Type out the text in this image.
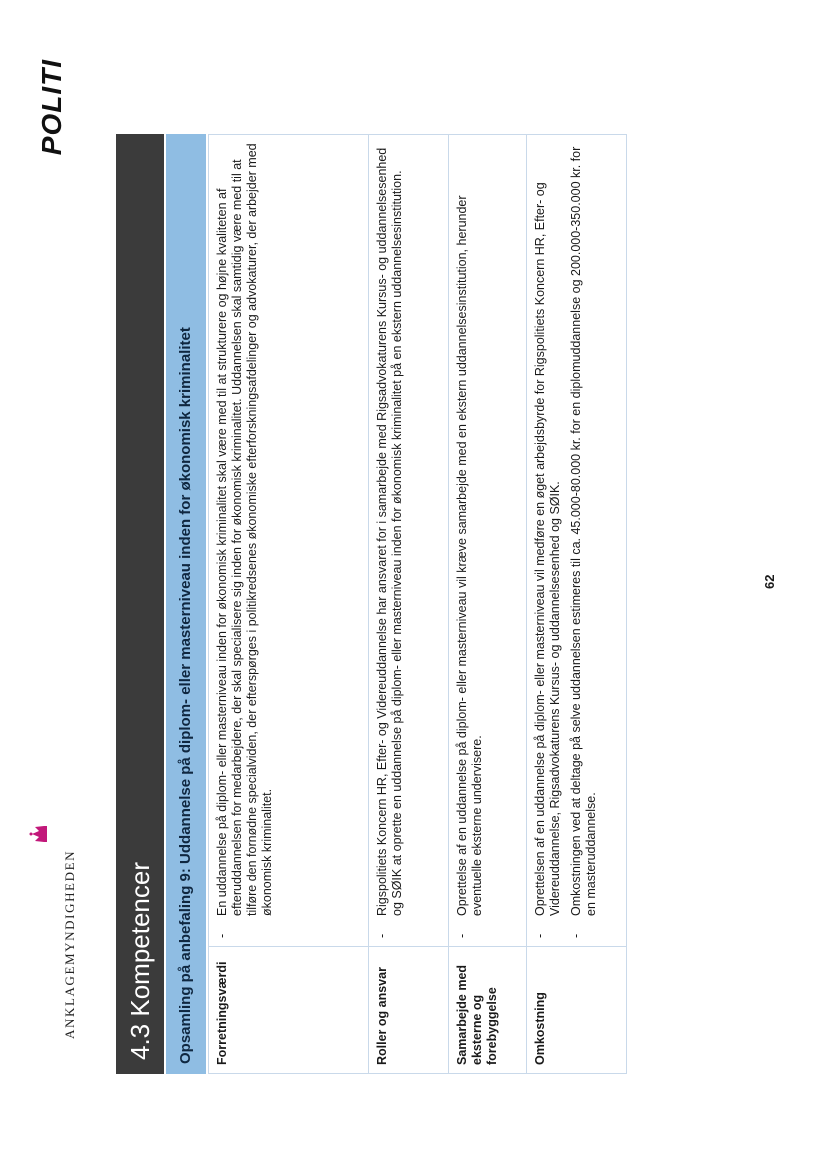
ANKLAGEMYNDIGHEDEN
POLITI
4.3 Kompetencer	Opsamling på anbefaling 9: Uddannelse på diplom- eller masterniveau inden for økonomisk kriminalitet	Forretningsværdi	-
En uddannelse på diplom- eller masterniveau inden for økonomisk kriminalitet skal være med til at strukturere og højne kvaliteten af efteruddannelsen for medarbejdere, der skal specialisere sig inden for økonomisk kriminalitet. Uddannelsen skal samtidig være med til at tilføre den fornødne specialviden, der efterspørges i politikredsenes økonomiske efterforskningsafdelinger og advokaturer, der arbejder med økonomisk kriminalitet.

Roller og ansvar	-
Rigspolitiets Koncern HR, Efter- og Videreuddannelse har ansvaret for i samarbejde med Rigsadvokaturens Kursus- og uddannelsesenhed og SØIK at oprette en uddannelse på diplom- eller masterniveau inden for økonomisk kriminalitet på en ekstern uddannelsesinstitution.

Samarbejde med eksterne og forebyggelse	-
Oprettelse af en uddannelse på diplom- eller masterniveau vil kræve samarbejde med en ekstern uddannelsesinstitution, herunder eventuelle eksterne undervisere.

Omkostning	-
Oprettelsen af en uddannelse på diplom- eller masterniveau vil medføre en øget arbejdsbyrde for Rigspolitiets Koncern HR, Efter- og Videreuddannelse, Rigsadvokaturens Kursus- og uddannelsesenhed og SØIK.
-
Omkostningen ved at deltage på selve uddannelsen estimeres til ca. 45.000-80.000 kr. for en diplomuddannelse og 200.000-350.000 kr. for en masteruddannelse.
62
